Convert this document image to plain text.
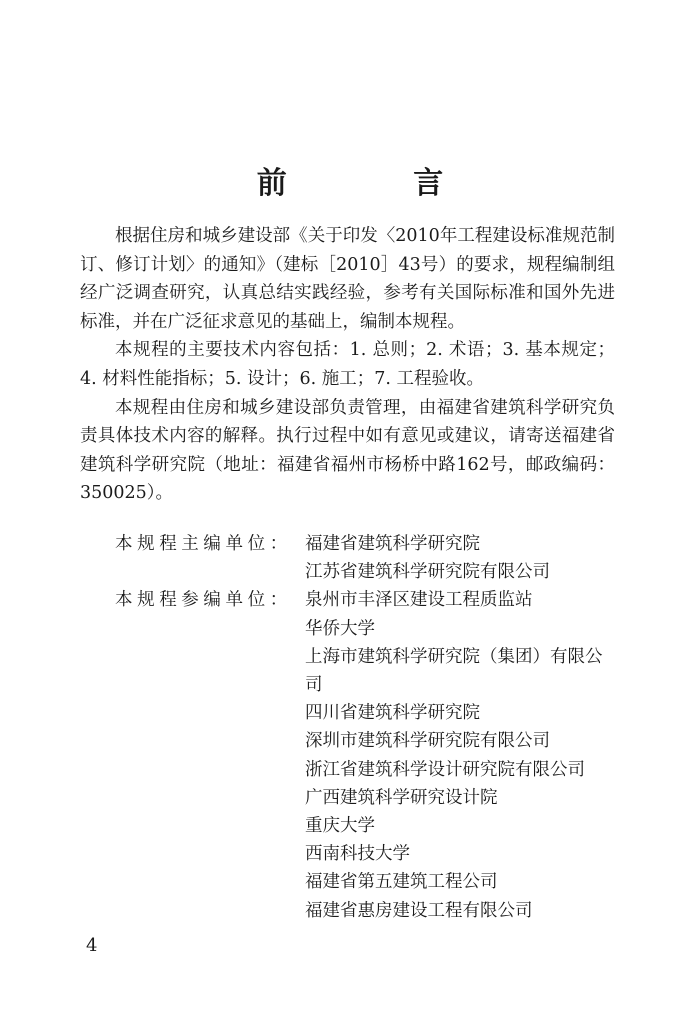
前 言

根据住房和城乡建设部《关于印发〈2010年工程建设标准规范制订、修订计划〉的通知》（建标［2010］43号）的要求，规程编制组经广泛调查研究，认真总结实践经验，参考有关国际标准和国外先进标准，并在广泛征求意见的基础上，编制本规程。

本规程的主要技术内容包括：1. 总则；2. 术语；3. 基本规定；4. 材料性能指标；5. 设计；6. 施工；7. 工程验收。

本规程由住房和城乡建设部负责管理，由福建省建筑科学研究负责具体技术内容的解释。执行过程中如有意见或建议，请寄送福建省建筑科学研究院（地址：福建省福州市杨桥中路162号，邮政编码：350025）。

本规程主编单位： 福建省建筑科学研究院
江苏省建筑科学研究院有限公司
本规程参编单位： 泉州市丰泽区建设工程质监站
华侨大学
上海市建筑科学研究院（集团）有限公司
四川省建筑科学研究院
深圳市建筑科学研究院有限公司
浙江省建筑科学设计研究院有限公司
广西建筑科学研究设计院
重庆大学
西南科技大学
福建省第五建筑工程公司
福建省惠房建设工程有限公司
4
